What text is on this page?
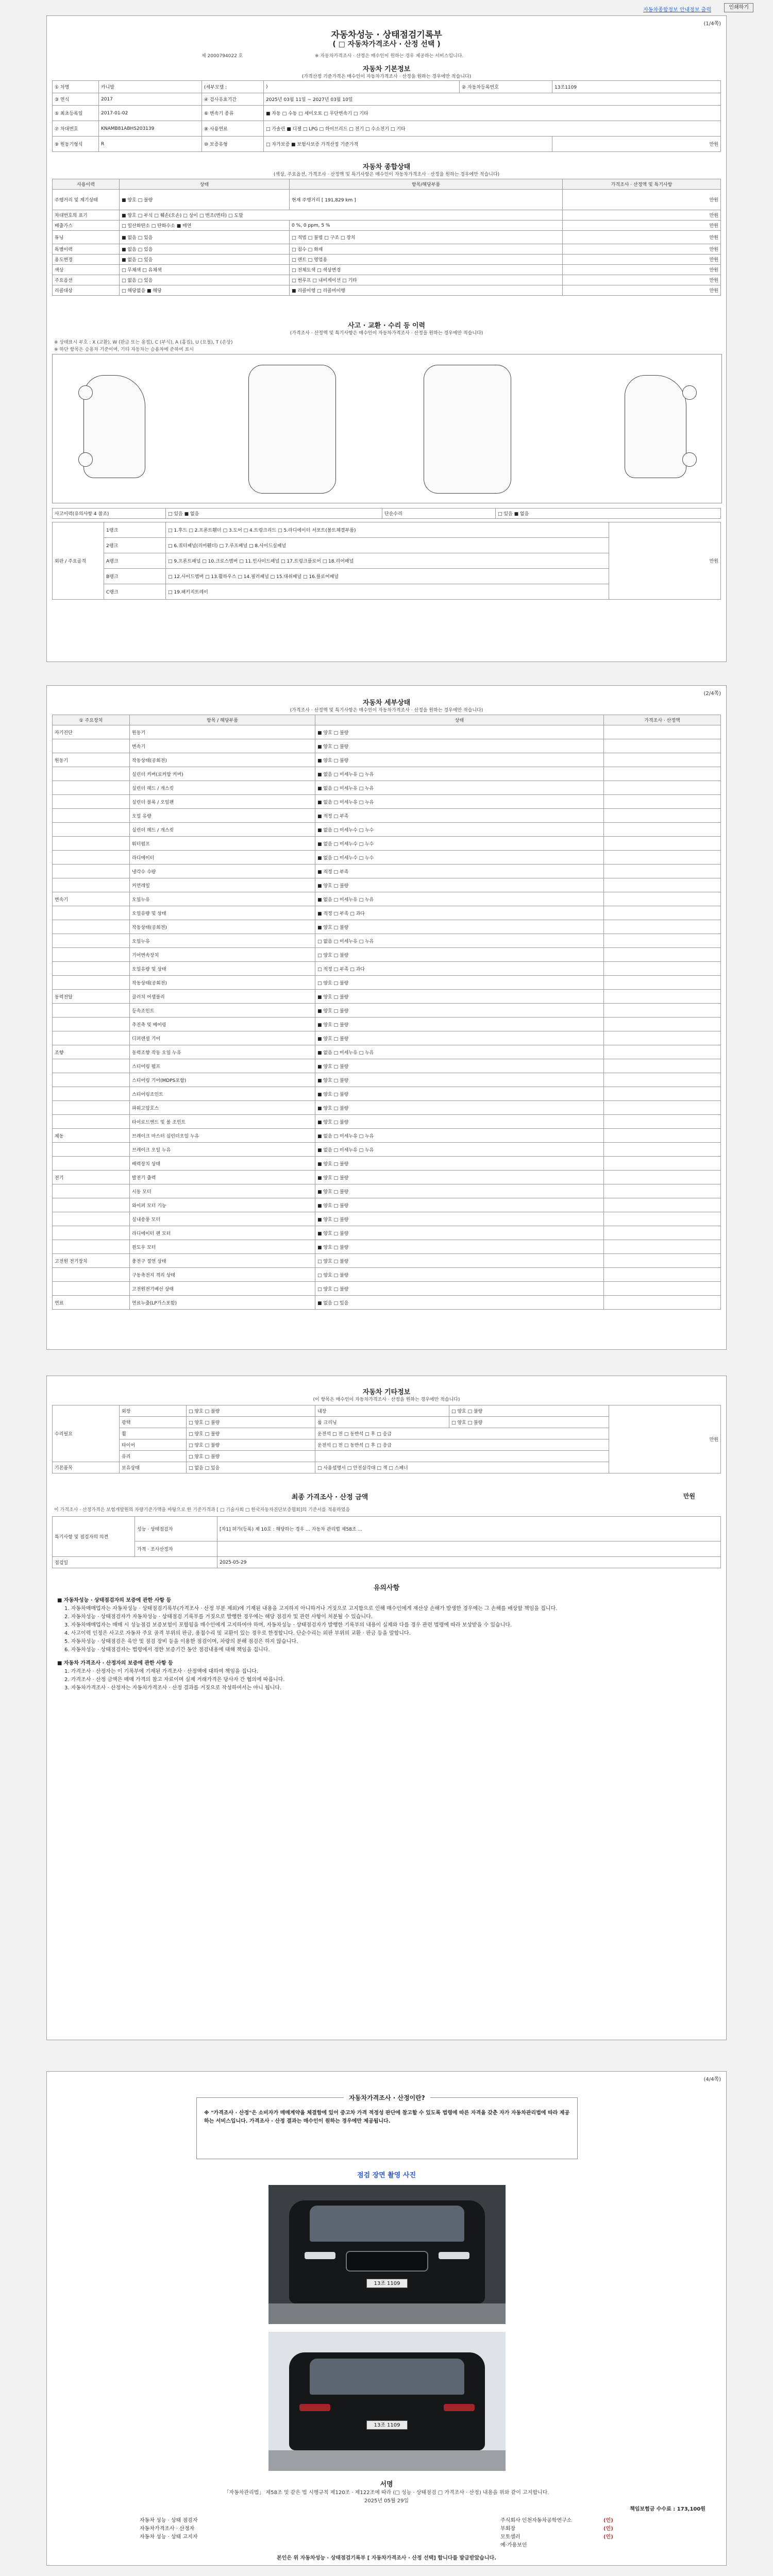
자동차종합정보 안내정보 출력	인쇄하기
(1/4쪽)
자동차성능 · 상태점검기록부
( □ 자동차가격조사 · 산정 선택 )
제 2000794022 호	※ 자동차가격조사 · 산정은 매수인이 원하는 경우 제공하는 서비스입니다.
자동차 기본정보
(가격산정 기준가격은 매수인이 자동차가격조사 · 산정을 원하는 경우에만 적습니다)
① 차명	카니발	(세부모델 :	)	② 자동차등록번호	13조1109
③ 연식	2017	④ 검사유효기간	2025년 03월 11일 ~ 2027년 03월 10일		
⑤ 최초등록일	2017-01-02	⑥ 변속기 종류	■ 자동 □ 수동 □ 세미오토 □ 무단변속기 □ 기타		
⑦ 차대번호	KNAMB81ABHS203139	⑧ 사용연료	□ 가솔린 ■ 디젤 □ LPG □ 하이브리드 □ 전기 □ 수소전기 □ 기타		
⑨ 원동기형식	R	⑩ 보증유형	□ 자가보증 ■ 보험사보증 가격산정 기준가격		만원
자동차 종합상태
(색상, 주요옵션, 가격조사 · 산정액 및 특기사항은 매수인이 자동차가격조사 · 산정을 원하는 경우에만 적습니다)
사용이력	상태	항목/해당부품	가격조사 · 산정액 및 특기사항
주행거리 및 계기상태	■ 양호 □ 불량	현재 주행거리 [ 191,829 km ]	만원
차대번호의 표기	■ 양호 □ 부식 □ 훼손(오손) □ 상이 □ 변조(변타) □ 도말		만원
배출가스	□ 일산화탄소 □ 탄화수소 ■ 매연	0 %, 0 ppm, 5 %	만원
튜닝	■ 없음 □ 있음	□ 적법 □ 불법 □ 구조 □ 장치	만원
특별이력	■ 없음 □ 있음	□ 침수 □ 화재	만원
용도변경	■ 없음 □ 있음	□ 렌트 □ 영업용	만원
색상	□ 무채색 □ 유채색	□ 전체도색 □ 색상변경	만원
주요옵션	□ 없음 □ 있음	□ 썬루프 □ 내비게이션 □ 기타	만원
리콜대상	□ 해당없음 ■ 해당	■ 리콜이행 □ 리콜미이행	만원
사고 · 교환 · 수리 등 이력
(가격조사 · 산정액 및 특기사항은 매수인이 자동차가격조사 · 산정을 원하는 경우에만 적습니다)
※ 상태표시 부호 : X (교환), W (판금 또는 용접), C (부식), A (흠집), U (요철), T (손상)
※ 하단 항목은 승용차 기준이며, 기타 자동차는 승용차에 준하여 표시
사고이력(유의사항 4 참조)	□ 있음 ■ 없음	단순수리	□ 있음 ■ 없음
외판 / 주요골격	1랭크	□ 1.후드 □ 2.프론트휀더 □ 3.도어 □ 4.트렁크리드 □ 5.라디에이터 서포트(볼트체결부품)	만원
	2랭크	□ 6.쿼터패널(리어휀더) □ 7.루프패널 □ 8.사이드실패널	
	A랭크	□ 9.프론트패널 □ 10.크로스멤버 □ 11.인사이드패널 □ 17.트렁크플로어 □ 18.리어패널	
	B랭크	□ 12.사이드멤버 □ 13.휠하우스 □ 14.필러패널 □ 15.대쉬패널 □ 16.플로어패널	
	C랭크	□ 19.패키지트레이	
(2/4쪽)
자동차 세부상태
(가격조사 · 산정액 및 특기사항은 매수인이 자동차가격조사 · 산정을 원하는 경우에만 적습니다)
① 주요장치	항목 / 해당부품	상태	가격조사 · 산정액
자기진단	원동기	■ 양호 □ 불량	
	변속기	■ 양호 □ 불량	
원동기	작동상태(공회전)	■ 양호 □ 불량	
	실린더 커버(로커암 커버)	■ 없음 □ 미세누유 □ 누유	
	실린더 헤드 / 개스킷	■ 없음 □ 미세누유 □ 누유	
	실린더 블록 / 오일팬	■ 없음 □ 미세누유 □ 누유	
	오일 유량	■ 적정 □ 부족	
	실린더 헤드 / 개스킷	■ 없음 □ 미세누수 □ 누수	
	워터펌프	■ 없음 □ 미세누수 □ 누수	
	라디에이터	■ 없음 □ 미세누수 □ 누수	
	냉각수 수량	■ 적정 □ 부족	
	커먼레일	■ 양호 □ 불량	
변속기	오일누유	■ 없음 □ 미세누유 □ 누유	
	오일유량 및 상태	■ 적정 □ 부족 □ 과다	
	작동상태(공회전)	■ 양호 □ 불량	
	오일누유	□ 없음 □ 미세누유 □ 누유	
	기어변속장치	□ 양호 □ 불량	
	오일유량 및 상태	□ 적정 □ 부족 □ 과다	
	작동상태(공회전)	□ 양호 □ 불량	
동력전달	클러치 어셈블리	■ 양호 □ 불량	
	등속조인트	■ 양호 □ 불량	
	추진축 및 베어링	■ 양호 □ 불량	
	디퍼렌셜 기어	■ 양호 □ 불량	
조향	동력조향 작동 오일 누유	■ 없음 □ 미세누유 □ 누유	
	스티어링 펌프	■ 양호 □ 불량	
	스티어링 기어(MDPS포함)	■ 양호 □ 불량	
	스티어링조인트	■ 양호 □ 불량	
	파워고압호스	■ 양호 □ 불량	
	타이로드엔드 및 볼 조인트	■ 양호 □ 불량	
제동	브레이크 마스터 실린더오일 누유	■ 없음 □ 미세누유 □ 누유	
	브레이크 오일 누유	■ 없음 □ 미세누유 □ 누유	
	배력장치 상태	■ 양호 □ 불량	
전기	발전기 출력	■ 양호 □ 불량	
	시동 모터	■ 양호 □ 불량	
	와이퍼 모터 기능	■ 양호 □ 불량	
	실내송풍 모터	■ 양호 □ 불량	
	라디에이터 팬 모터	■ 양호 □ 불량	
	윈도우 모터	■ 양호 □ 불량	
고전원 전기장치	충전구 절연 상태	□ 양호 □ 불량	
	구동축전지 격리 상태	□ 양호 □ 불량	
	고전원전기배선 상태	□ 양호 □ 불량	
연료	연료누출(LP가스포함)	■ 없음 □ 있음	
자동차 기타정보
(이 항목은 매수인이 자동차가격조사 · 산정을 원하는 경우에만 적습니다)
수리필요	외장	□ 양호 □ 불량	내장	□ 양호 □ 불량	만원
	광택	□ 양호 □ 불량	룸 크리닝	□ 양호 □ 불량	
	휠	□ 양호 □ 불량	운전석 □ 전 □ 동반석 □ 후 □ 응급		
	타이어	□ 양호 □ 불량	운전석 □ 전 □ 동반석 □ 후 □ 응급		
	유리	□ 양호 □ 불량			
기본품목	보유상태	□ 없음 □ 있음	□ 사용설명서 □ 안전삼각대 □ 잭 □ 스패너		
최종 가격조사 · 산정 금액	만원
이 가격조사 · 산정가격은 보험개발원의 차량기준가액을 바탕으로 한 기준가격과 [ □ 기술사회 □ 한국자동차진단보증협회]의 기준서를 적용하였음
특기사항 및 점검자의 의견	성능 · 상태점검자	[자1] 허가(등록) 제 10호 : 해당하는 경우 ... 자동차 관리법 제58조 ...
	가격 · 조사산정자	
점검일		2025-05-29
유의사항
■ 자동차성능 · 상태점검자의 보증에 관한 사항 등
1. 자동차매매업자는 자동차성능 · 상태점검기록부(가격조사 · 산정 부분 제외)에 기재된 내용을 고지하지 아니하거나 거짓으로 고지함으로 인해 매수인에게 재산상 손해가 발생한 경우에는 그 손해를 배상할 책임을 집니다.
2. 자동차성능 · 상태점검자가 자동차성능 · 상태점검 기록부를 거짓으로 발행한 경우에는 해당 점검자 및 관련 사항이 처분될 수 있습니다.
3. 자동차매매업자는 매매 시 성능점검 보증보험이 포함됨을 매수인에게 고지하여야 하며, 자동차성능 · 상태점검자가 발행한 기록부의 내용이 실제와 다를 경우 관련 법령에 따라 보상받을 수 있습니다.
4. 사고이력 인정은 사고로 자동차 주요 골격 부위의 판금, 용접수리 및 교환이 있는 경우로 한정합니다. 단순수리는 외판 부위의 교환 · 판금 등을 말합니다.
5. 자동차성능 · 상태점검은 육안 및 점검 장비 등을 이용한 점검이며, 차량의 분해 점검은 하지 않습니다.
6. 자동차성능 · 상태점검자는 법령에서 정한 보증기간 동안 점검내용에 대해 책임을 집니다.
■ 자동차 가격조사 · 산정자의 보증에 관한 사항 등
1. 가격조사 · 산정자는 이 기록부에 기재된 가격조사 · 산정액에 대하여 책임을 집니다.
2. 가격조사 · 산정 금액은 매매 가격의 참고 자료이며 실제 거래가격은 당사자 간 협의에 따릅니다.
3. 자동차가격조사 · 산정자는 자동차가격조사 · 산정 결과를 거짓으로 작성하여서는 아니 됩니다.
(4/4쪽)
자동차가격조사 · 산정이란?
※ "가격조사 · 산정"은 소비자가 매매계약을 체결함에 있어 중고차 가격 적정성 판단에 참고할 수 있도록 법령에 따른 자격을 갖춘 자가 자동차관리법에 따라 제공하는 서비스입니다. 가격조사 · 산정 결과는 매수인이 원하는 경우에만 제공됩니다.
점검 장면 촬영 사진
13조 1109
13조 1109
서명
「자동차관리법」 제58조 및 같은 법 시행규칙 제120조 · 제122조에 따라 (□ 성능 · 상태점검 □ 가격조사 · 산정) 내용을 위와 같이 고지합니다.
2025년 05월 29일
책임보험금 수수료 : 173,100원
자동차 성능 · 상태 점검자
자동차가격조사 · 산정자
자동차 성능 · 상태 고지자
주식회사 인천자동차공학연구소
부회장
모토셀러
(인)
(인)
(인)
예·가용보인
본인은 위 자동차성능 · 상태점검기록부 [ 자동차가격조사 · 산정 선택] 합니다를 발급받았습니다.
